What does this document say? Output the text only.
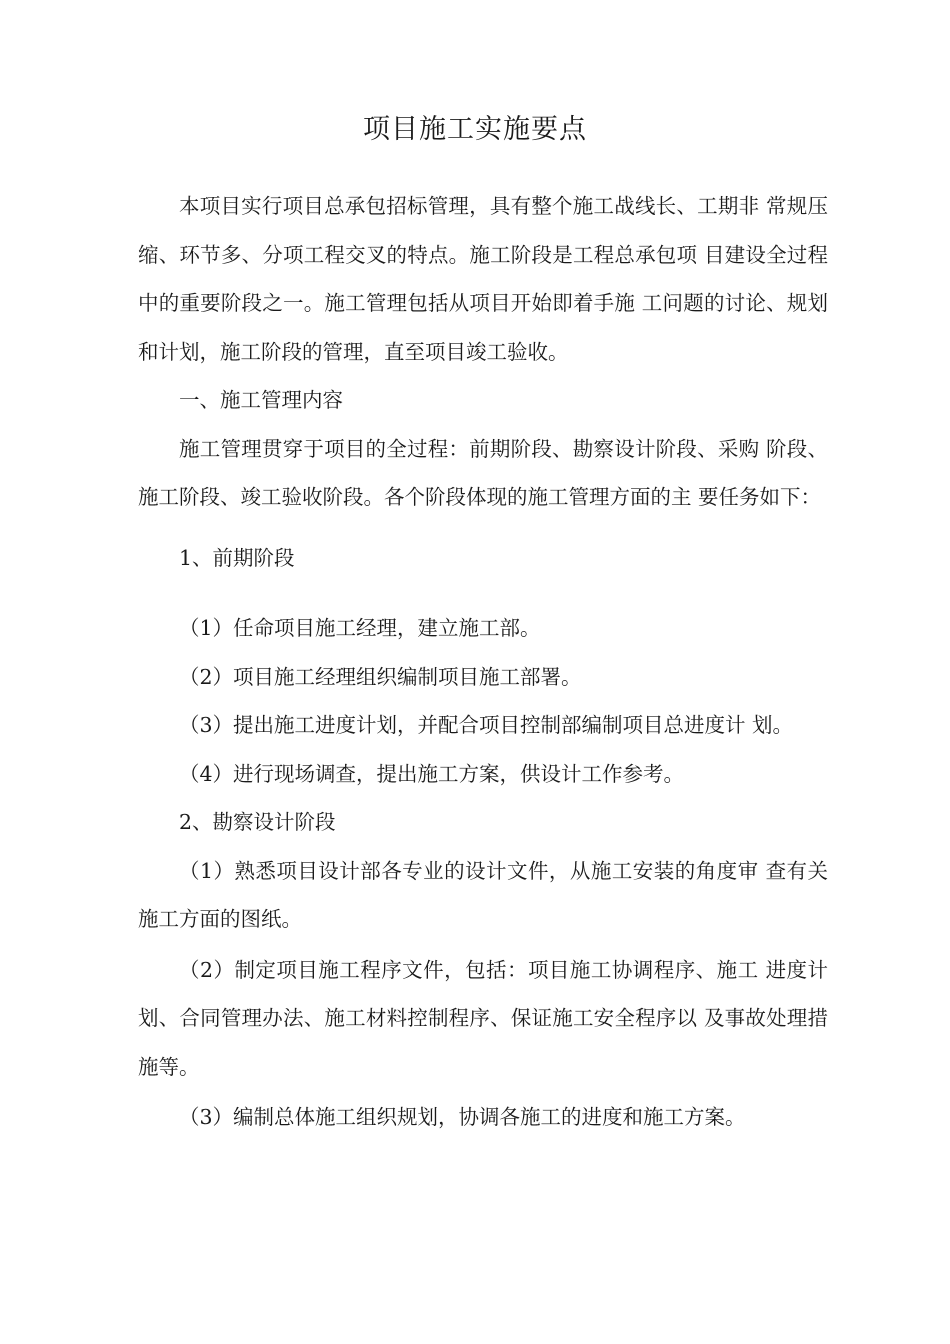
项目施工实施要点

本项目实行项目总承包招标管理，具有整个施工战线长、工期非 常规压缩、环节多、分项工程交叉的特点。施工阶段是工程总承包项 目建设全过程中的重要阶段之一。施工管理包括从项目开始即着手施 工问题的讨论、规划和计划，施工阶段的管理，直至项目竣工验收。

一、施工管理内容

施工管理贯穿于项目的全过程：前期阶段、勘察设计阶段、采购 阶段、施工阶段、竣工验收阶段。各个阶段体现的施工管理方面的主 要任务如下：

1、前期阶段

（1）任命项目施工经理，建立施工部。

（2）项目施工经理组织编制项目施工部署。

（3）提出施工进度计划，并配合项目控制部编制项目总进度计 划。

（4）进行现场调查，提出施工方案，供设计工作参考。

2、勘察设计阶段

（1）熟悉项目设计部各专业的设计文件，从施工安装的角度审 查有关施工方面的图纸。

（2）制定项目施工程序文件，包括：项目施工协调程序、施工 进度计划、合同管理办法、施工材料控制程序、保证施工安全程序以 及事故处理措施等。

（3）编制总体施工组织规划，协调各施工的进度和施工方案。
